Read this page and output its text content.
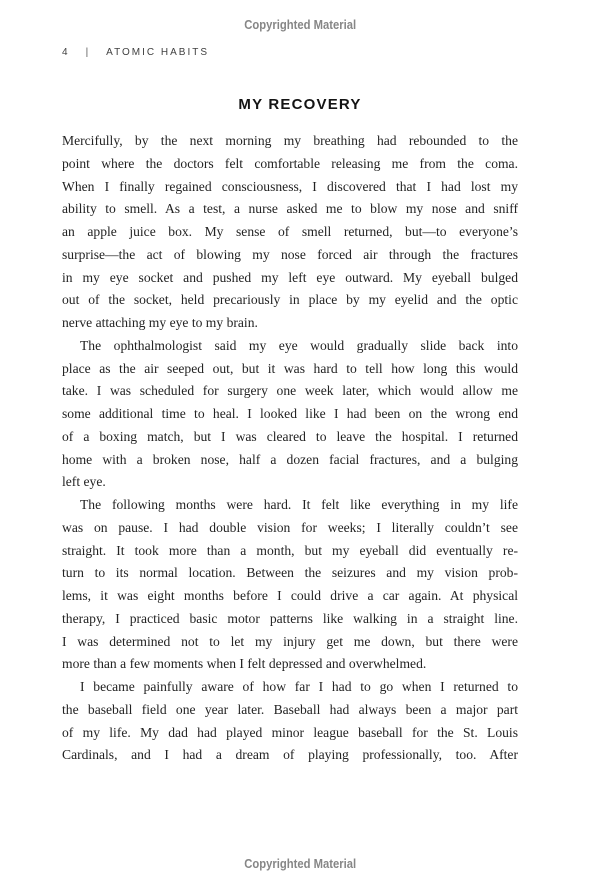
Copyrighted Material
4 | ATOMIC HABITS
MY RECOVERY
Mercifully, by the next morning my breathing had rebounded to the
point where the doctors felt comfortable releasing me from the coma.
When I finally regained consciousness, I discovered that I had lost my
ability to smell. As a test, a nurse asked me to blow my nose and sniff
an apple juice box. My sense of smell returned, but—to everyone’s
surprise—the act of blowing my nose forced air through the fractures
in my eye socket and pushed my left eye outward. My eyeball bulged
out of the socket, held precariously in place by my eyelid and the optic
nerve attaching my eye to my brain.
The ophthalmologist said my eye would gradually slide back into
place as the air seeped out, but it was hard to tell how long this would
take. I was scheduled for surgery one week later, which would allow me
some additional time to heal. I looked like I had been on the wrong end
of a boxing match, but I was cleared to leave the hospital. I returned
home with a broken nose, half a dozen facial fractures, and a bulging
left eye.
The following months were hard. It felt like everything in my life
was on pause. I had double vision for weeks; I literally couldn’t see
straight. It took more than a month, but my eyeball did eventually re-
turn to its normal location. Between the seizures and my vision prob-
lems, it was eight months before I could drive a car again. At physical
therapy, I practiced basic motor patterns like walking in a straight line.
I was determined not to let my injury get me down, but there were
more than a few moments when I felt depressed and overwhelmed.
I became painfully aware of how far I had to go when I returned to
the baseball field one year later. Baseball had always been a major part
of my life. My dad had played minor league baseball for the St. Louis
Cardinals, and I had a dream of playing professionally, too. After
Copyrighted Material
